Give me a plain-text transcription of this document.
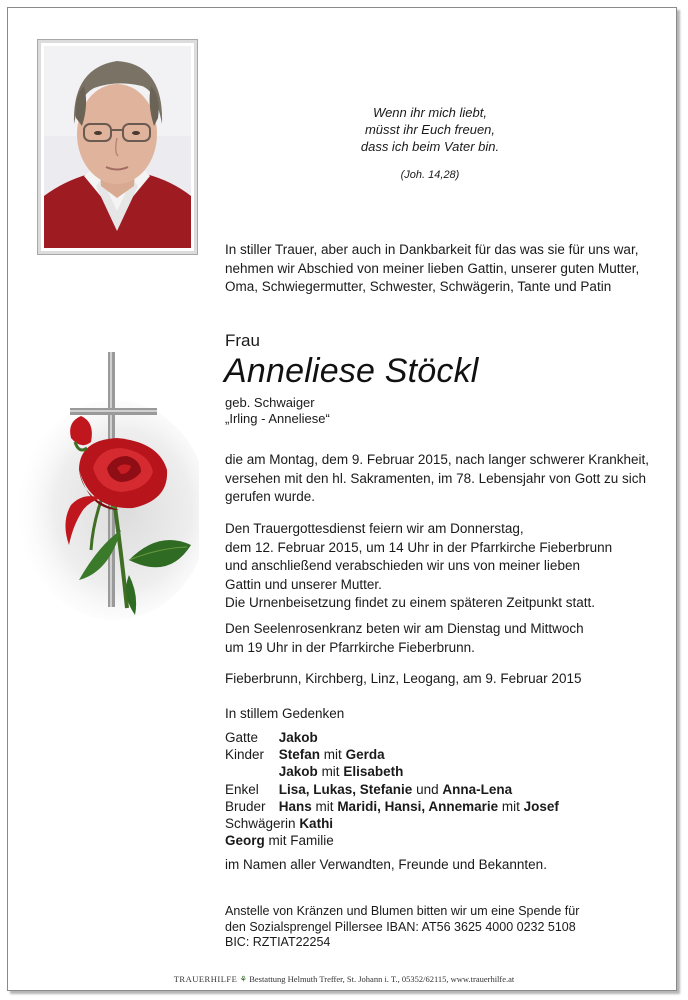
Wenn ihr mich liebt,
müsst ihr Euch freuen,
dass ich beim Vater bin.
(Joh. 14,28)
In stiller Trauer, aber auch in Dankbarkeit für das was sie für uns war, nehmen wir Abschied von meiner lieben Gattin, unserer guten Mutter, Oma, Schwiegermutter, Schwester, Schwägerin, Tante und Patin
Frau
Anneliese Stöckl
geb. Schwaiger
„Irling - Anneliese“
die am Montag, dem 9. Februar 2015, nach langer schwerer Krankheit, versehen mit den hl. Sakramenten, im 78. Lebensjahr von Gott zu sich gerufen wurde.
Den Trauergottesdienst feiern wir am Donnerstag,
dem 12. Februar 2015, um 14 Uhr in der Pfarrkirche Fieberbrunn
und anschließend verabschieden wir uns von meiner lieben
Gattin und unserer Mutter.
Die Urnenbeisetzung findet zu einem späteren Zeitpunkt statt.
Den Seelenrosenkranz beten wir am Dienstag und Mittwoch
um 19 Uhr in der Pfarrkirche Fieberbrunn.
Fieberbrunn, Kirchberg, Linz, Leogang, am 9. Februar 2015
In stillem Gedenken
Gatte Jakob
Kinder Stefan mit Gerda
Jakob mit Elisabeth
Enkel Lisa, Lukas, Stefanie und Anna-Lena
Bruder Hans mit Maridi, Hansi, Annemarie mit Josef
Schwägerin Kathi
Georg mit Familie
im Namen aller Verwandten, Freunde und Bekannten.
Anstelle von Kränzen und Blumen bitten wir um eine Spende für
den Sozialsprengel Pillersee IBAN: AT56 3625 4000 0232 5108
BIC: RZTIAT22254
TRAUERHILFE ⚘ Bestattung Helmuth Treffer, St. Johann i. T., 05352/62115, www.trauerhilfe.at
